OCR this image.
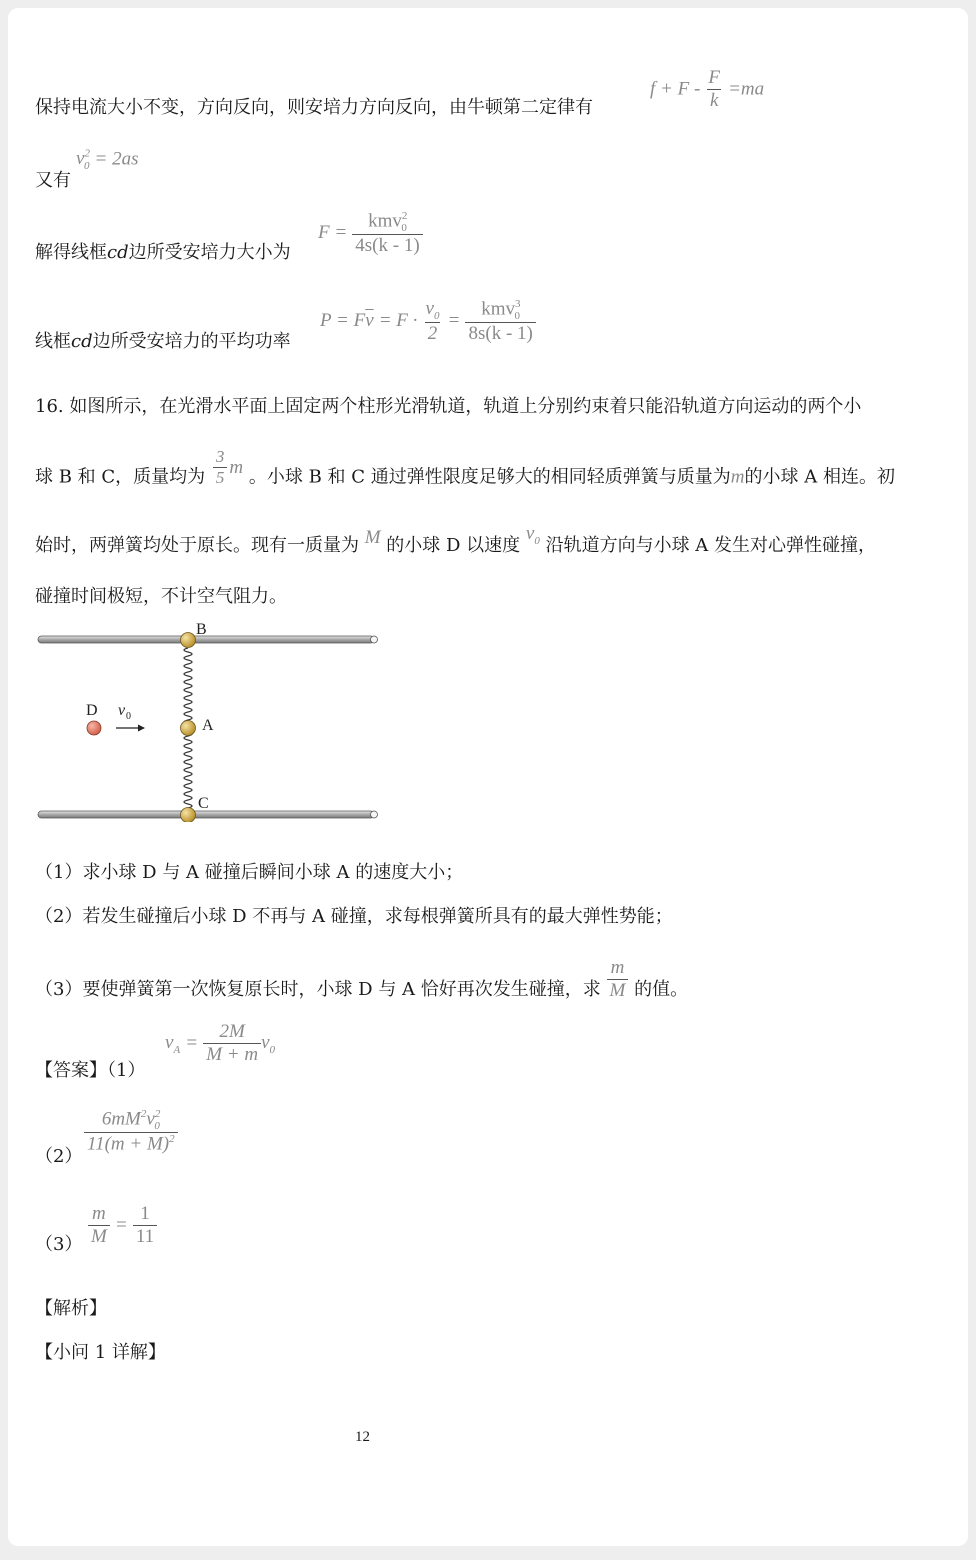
保持电流大小不变，方向反向，则安培力方向反向，由牛顿第二定律有
$f + F - \frac{F}{k} =ma$
又有
$v^2_0 = 2as$
解得线框cd边所受安培力大小为
$F = \frac{kmv^2_0}{4s(k - 1)}$
线框cd边所受安培力的平均功率
$P = F\overline{v} = F \cdot \frac{v_0}{2} = \frac{kmv^3_0}{8s(k - 1)}$
16. 如图所示，在光滑水平面上固定两个柱形光滑轨道，轨道上分别约束着只能沿轨道方向运动的两个小
球 B 和 C，质量均为 $\frac{3}{5}$ m 。小球 B 和 C 通过弹性限度足够大的相同轻质弹簧与质量为m的小球 A 相连。初
始时，两弹簧均处于原长。现有一质量为 M 的小球 D 以速度 $v_0$ 沿轨道方向与小球 A 发生对心弹性碰撞，
碰撞时间极短，不计空气阻力。
B
A
C
D v 0
（1）求小球 D 与 A 碰撞后瞬间小球 A 的速度大小；
（2）若发生碰撞后小球 D 不再与 A 碰撞，求每根弹簧所具有的最大弹性势能；
（3）要使弹簧第一次恢复原长时，小球 D 与 A 恰好再次发生碰撞，求 $\frac{m}{M}$ 的值。
【答案】（1）
$v_A = \frac{2M}{M + m} v_0$
（2）
$\frac{6mM^2v^2_0}{11(m + M)^2}$
$(3) \frac{m}{M} = \frac{1}{11}$
【解析】
【小问 1 详解】
12
